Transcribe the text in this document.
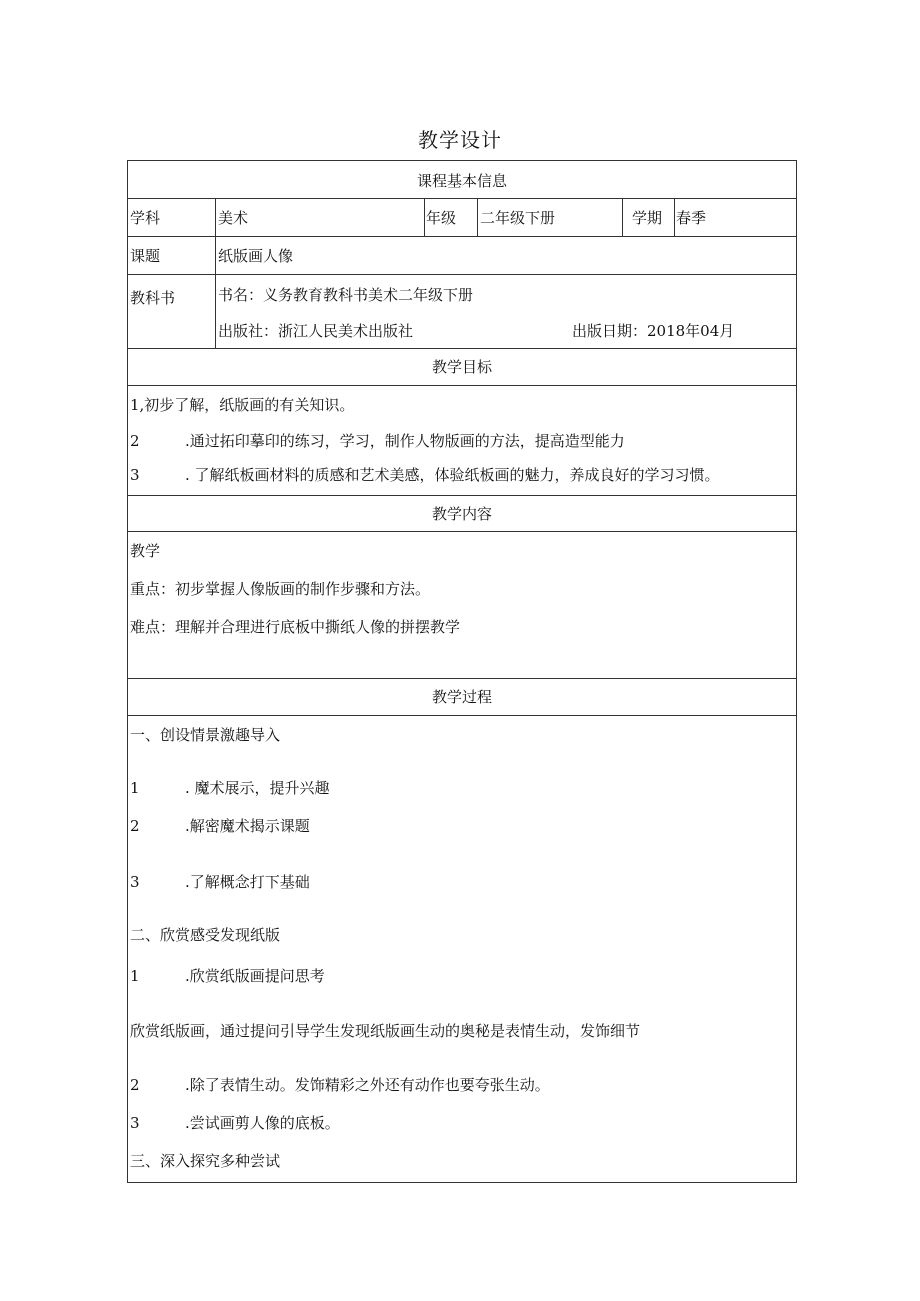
教学设计
课程基本信息
学科	美术	年级 二年级下册	学期 春季
课题	纸版画人像
教科书	书名：义务教育教科书美术二年级下册
出版社：浙江人民美术出版社	出版日期：2018年04月
教学目标
1,初步了解，纸版画的有关知识。
2	.通过拓印摹印的练习，学习，制作人物版画的方法，提高造型能力
3	. 了解纸板画材料的质感和艺术美感，体验纸板画的魅力，养成良好的学习习惯。
教学内容
教学
重点：初步掌握人像版画的制作步骤和方法。
难点：理解并合理进行底板中撕纸人像的拼摆教学
教学过程
一、创设情景激趣导入
1	. 魔术展示，提升兴趣
2	.解密魔术揭示课题
3	.了解概念打下基础
二、欣赏感受发现纸版
1	.欣赏纸版画提问思考
欣赏纸版画，通过提问引导学生发现纸版画生动的奥秘是表情生动，发饰细节
2	.除了表情生动。发饰精彩之外还有动作也要夸张生动。
3	.尝试画剪人像的底板。
三、深入探究多种尝试
